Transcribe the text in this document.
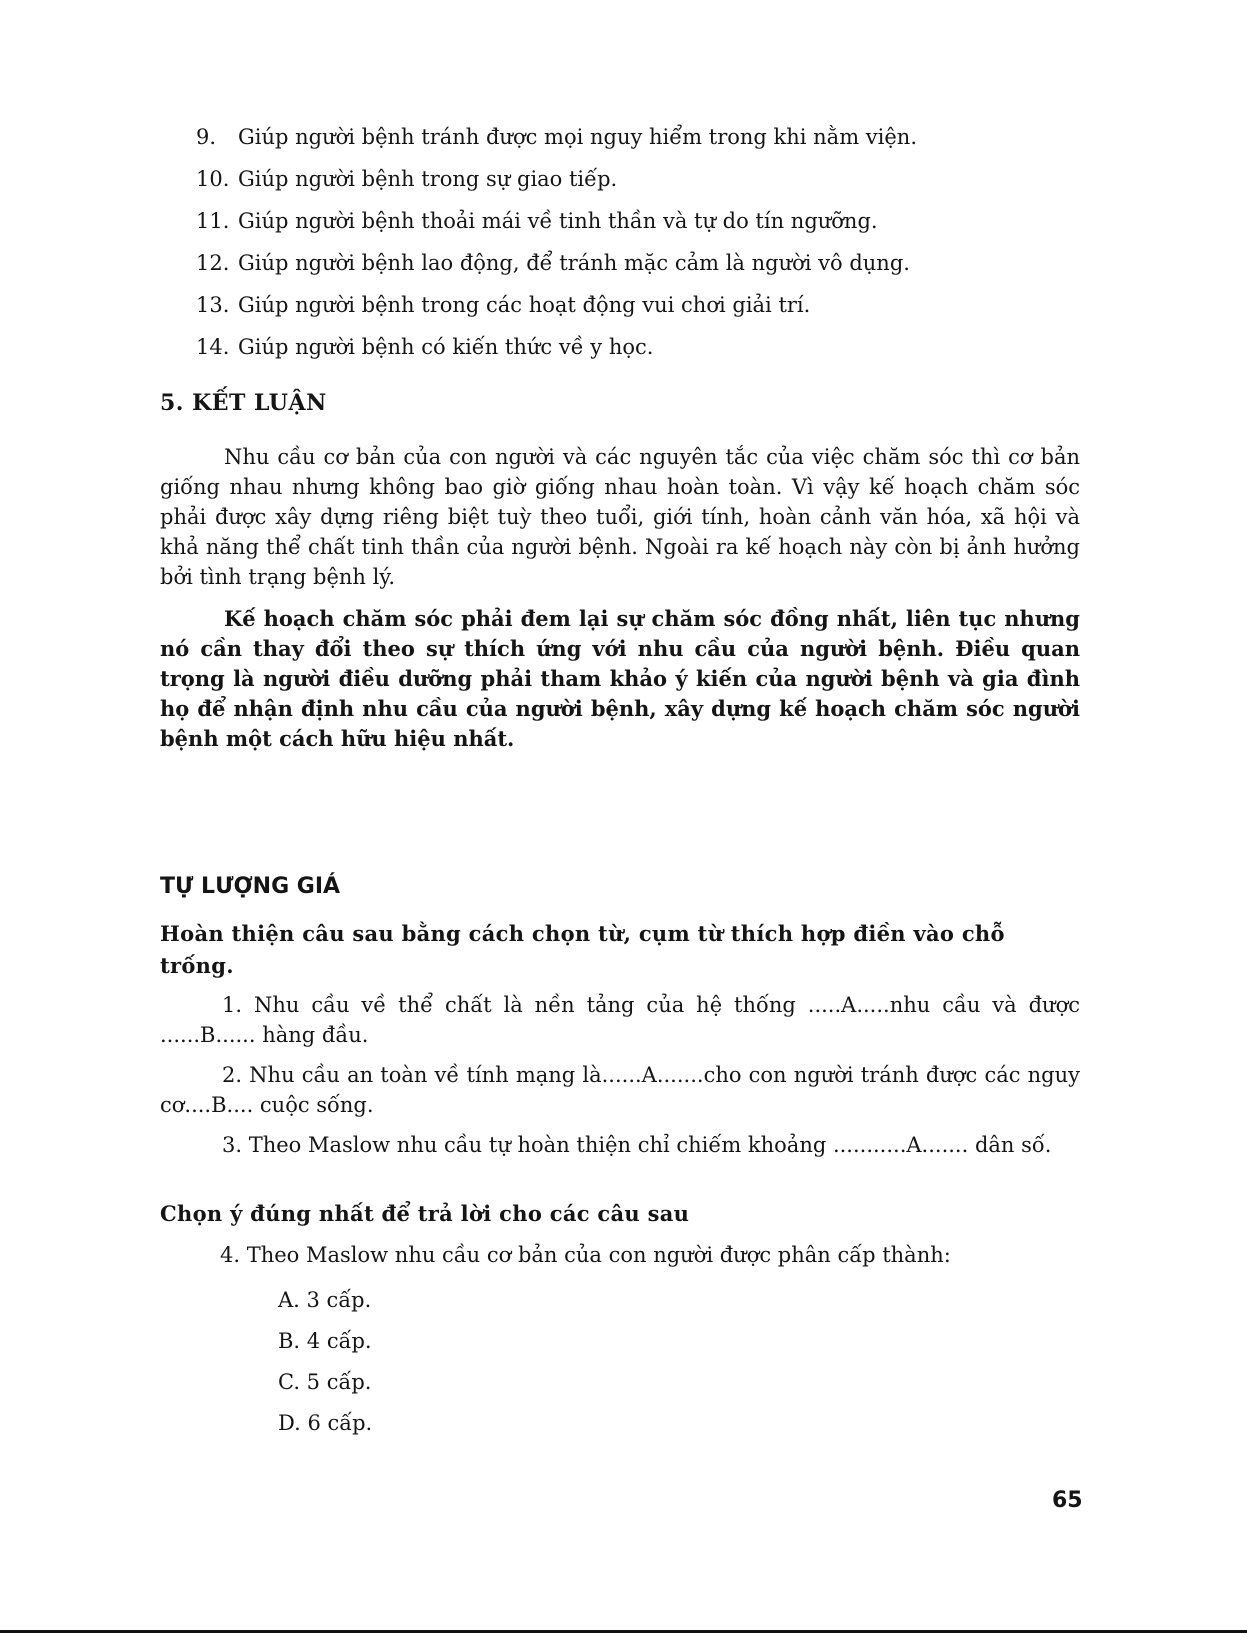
9. Giúp người bệnh tránh được mọi nguy hiểm trong khi nằm viện.
10. Giúp người bệnh trong sự giao tiếp.
11. Giúp người bệnh thoải mái về tinh thần và tự do tín ngưỡng.
12. Giúp người bệnh lao động, để tránh mặc cảm là người vô dụng.
13. Giúp người bệnh trong các hoạt động vui chơi giải trí.
14. Giúp người bệnh có kiến thức về y học.
5. KẾT LUẬN

Nhu cầu cơ bản của con người và các nguyên tắc của việc chăm sóc thì cơ bản giống nhau nhưng không bao giờ giống nhau hoàn toàn. Vì vậy kế hoạch chăm sóc phải được xây dựng riêng biệt tuỳ theo tuổi, giới tính, hoàn cảnh văn hóa, xã hội và khả năng thể chất tinh thần của người bệnh. Ngoài ra kế hoạch này còn bị ảnh hưởng bởi tình trạng bệnh lý.

Kế hoạch chăm sóc phải đem lại sự chăm sóc đồng nhất, liên tục nhưng nó cần thay đổi theo sự thích ứng với nhu cầu của người bệnh. Điều quan trọng là người điều dưỡng phải tham khảo ý kiến của người bệnh và gia đình họ để nhận định nhu cầu của người bệnh, xây dựng kế hoạch chăm sóc người bệnh một cách hữu hiệu nhất.

TỰ LƯỢNG GIÁ

Hoàn thiện câu sau bằng cách chọn từ, cụm từ thích hợp điền vào chỗ trống.

1. Nhu cầu về thể chất là nền tảng của hệ thống .....A.....nhu cầu và được ......B...... hàng đầu.

2. Nhu cầu an toàn về tính mạng là......A.......cho con người tránh được các nguy cơ....B.... cuộc sống.

3. Theo Maslow nhu cầu tự hoàn thiện chỉ chiếm khoảng ...........A....... dân số.

Chọn ý đúng nhất để trả lời cho các câu sau

4. Theo Maslow nhu cầu cơ bản của con người được phân cấp thành:

A. 3 cấp.
B. 4 cấp.
C. 5 cấp.
D. 6 cấp.
65
